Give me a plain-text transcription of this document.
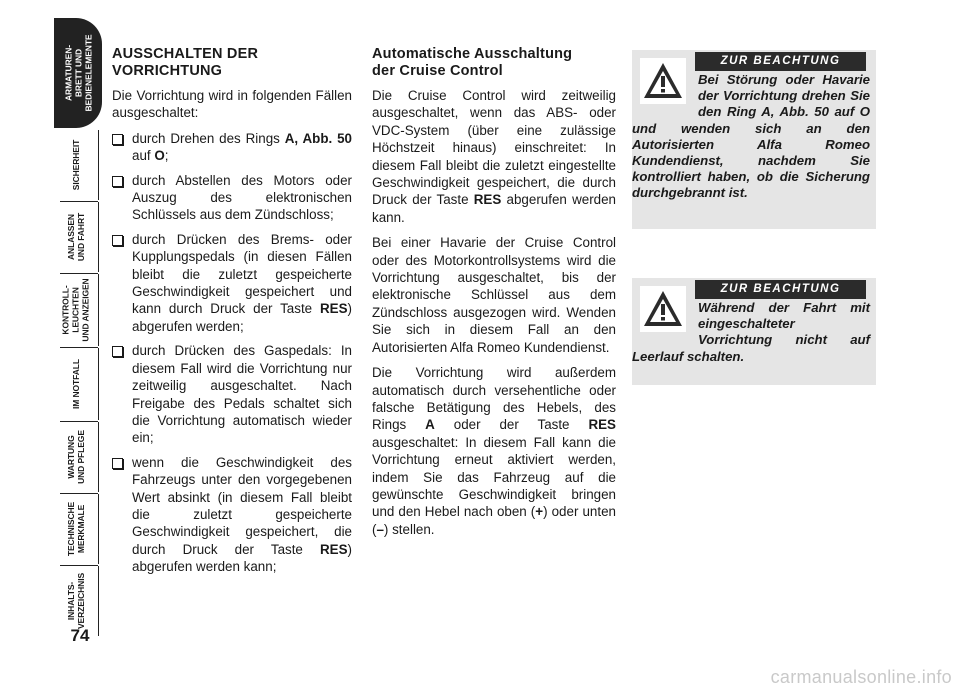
ARMATUREN- BRETT UND BEDIENELEMENTE
SICHERHEIT
ANLASSEN UND FAHRT
KONTROLL- LEUCHTEN UND ANZEIGEN
IM NOTFALL
WARTUNG UND PFLEGE
TECHNISCHE MERKMALE
INHALTS- VERZEICHNIS
74
AUSSCHALTEN DER
VORRICHTUNG

Die Vorrichtung wird in folgenden Fällen ausgeschaltet:

durch Drehen des Rings A, Abb. 50 auf O;
durch Abstellen des Motors oder Auszug des elektronischen Schlüssels aus dem Zündschloss;
durch Drücken des Brems- oder Kupplungspedals (in diesen Fällen bleibt die zuletzt gespeicherte Geschwindigkeit gespeichert und kann durch Druck der Taste RES) abgerufen werden;
durch Drücken des Gaspedals: In diesem Fall wird die Vorrichtung nur zeitweilig ausgeschaltet. Nach Freigabe des Pedals schaltet sich die Vorrichtung automatisch wieder ein;
wenn die Geschwindigkeit des Fahrzeugs unter den vorgegebenen Wert absinkt (in diesem Fall bleibt die zuletzt gespeicherte Geschwindigkeit gespeichert, die durch Druck der Taste RES) abgerufen werden kann;
Automatische Ausschaltung
der Cruise Control

Die Cruise Control wird zeitweilig ausgeschaltet, wenn das ABS- oder VDC-System (über eine zulässige Höchstzeit hinaus) einschreitet: In diesem Fall bleibt die zuletzt eingestellte Geschwindigkeit gespeichert, die durch Druck der Taste RES abgerufen werden kann.

Bei einer Havarie der Cruise Control oder des Motorkontrollsystems wird die Vorrichtung ausgeschaltet, bis der elektronische Schlüssel aus dem Zündschloss ausgezogen wird. Wenden Sie sich in diesem Fall an den Autorisierten Alfa Romeo Kundendienst.

Die Vorrichtung wird außerdem automatisch durch versehentliche oder falsche Betätigung des Hebels, des Rings A oder der Taste RES ausgeschaltet: In diesem Fall kann die Vorrichtung erneut aktiviert werden, indem Sie das Fahrzeug auf die gewünschte Geschwindigkeit bringen und den Hebel nach oben (+) oder unten (–) stellen.

ZUR BEACHTUNG
Bei Störung oder Havarie der Vorrichtung drehen Sie den Ring A, Abb. 50 auf O und wenden sich an den Autorisierten Alfa Romeo Kundendienst, nachdem Sie kontrolliert haben, ob die Sicherung durchgebrannt ist.
ZUR BEACHTUNG
Während der Fahrt mit eingeschalteter Vorrichtung nicht auf Leerlauf schalten.
carmanualsonline.info
